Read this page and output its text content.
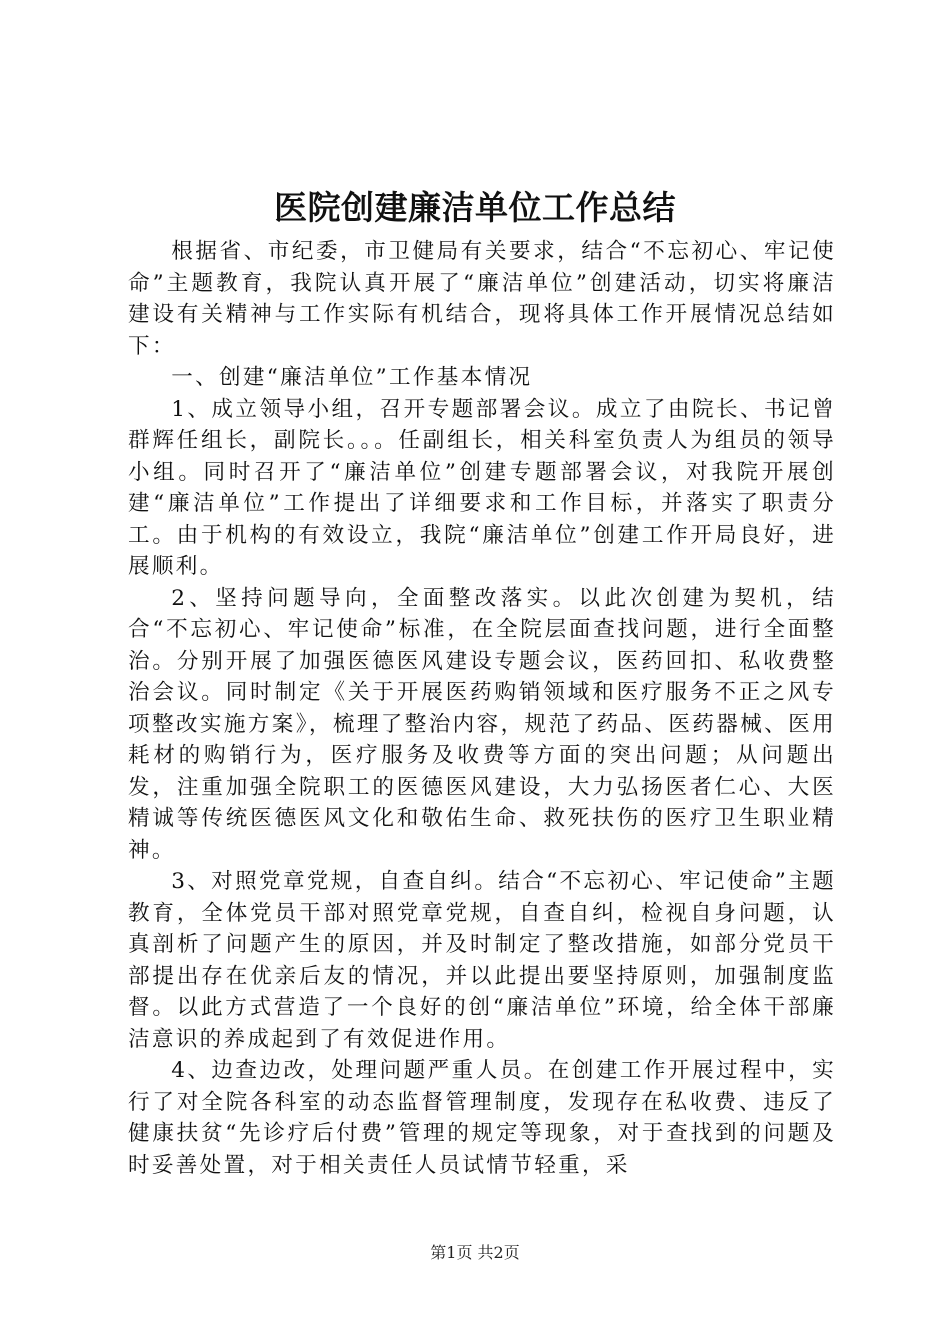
医院创建廉洁单位工作总结

根据省、市纪委，市卫健局有关要求，结合“不忘初心、牢记使命”主题教育，我院认真开展了“廉洁单位”创建活动，切实将廉洁建设有关精神与工作实际有机结合，现将具体工作开展情况总结如下：

一、创建“廉洁单位”工作基本情况

1、成立领导小组，召开专题部署会议。成立了由院长、书记曾群辉任组长，副院长。。。任副组长，相关科室负责人为组员的领导小组。同时召开了“廉洁单位”创建专题部署会议，对我院开展创建“廉洁单位”工作提出了详细要求和工作目标，并落实了职责分工。由于机构的有效设立，我院“廉洁单位”创建工作开局良好，进展顺利。

2、坚持问题导向，全面整改落实。以此次创建为契机，结合“不忘初心、牢记使命”标准，在全院层面查找问题，进行全面整治。分别开展了加强医德医风建设专题会议，医药回扣、私收费整治会议。同时制定《关于开展医药购销领域和医疗服务不正之风专项整改实施方案》，梳理了整治内容，规范了药品、医药器械、医用耗材的购销行为，医疗服务及收费等方面的突出问题；从问题出发，注重加强全院职工的医德医风建设，大力弘扬医者仁心、大医精诚等传统医德医风文化和敬佑生命、救死扶伤的医疗卫生职业精神。

3、对照党章党规，自查自纠。结合“不忘初心、牢记使命”主题教育，全体党员干部对照党章党规，自查自纠，检视自身问题，认真剖析了问题产生的原因，并及时制定了整改措施，如部分党员干部提出存在优亲后友的情况，并以此提出要坚持原则，加强制度监督。以此方式营造了一个良好的创“廉洁单位”环境，给全体干部廉洁意识的养成起到了有效促进作用。

4、边查边改，处理问题严重人员。在创建工作开展过程中，实行了对全院各科室的动态监督管理制度，发现存在私收费、违反了健康扶贫“先诊疗后付费”管理的规定等现象，对于查找到的问题及时妥善处置，对于相关责任人员试情节轻重，采

第1页 共2页
